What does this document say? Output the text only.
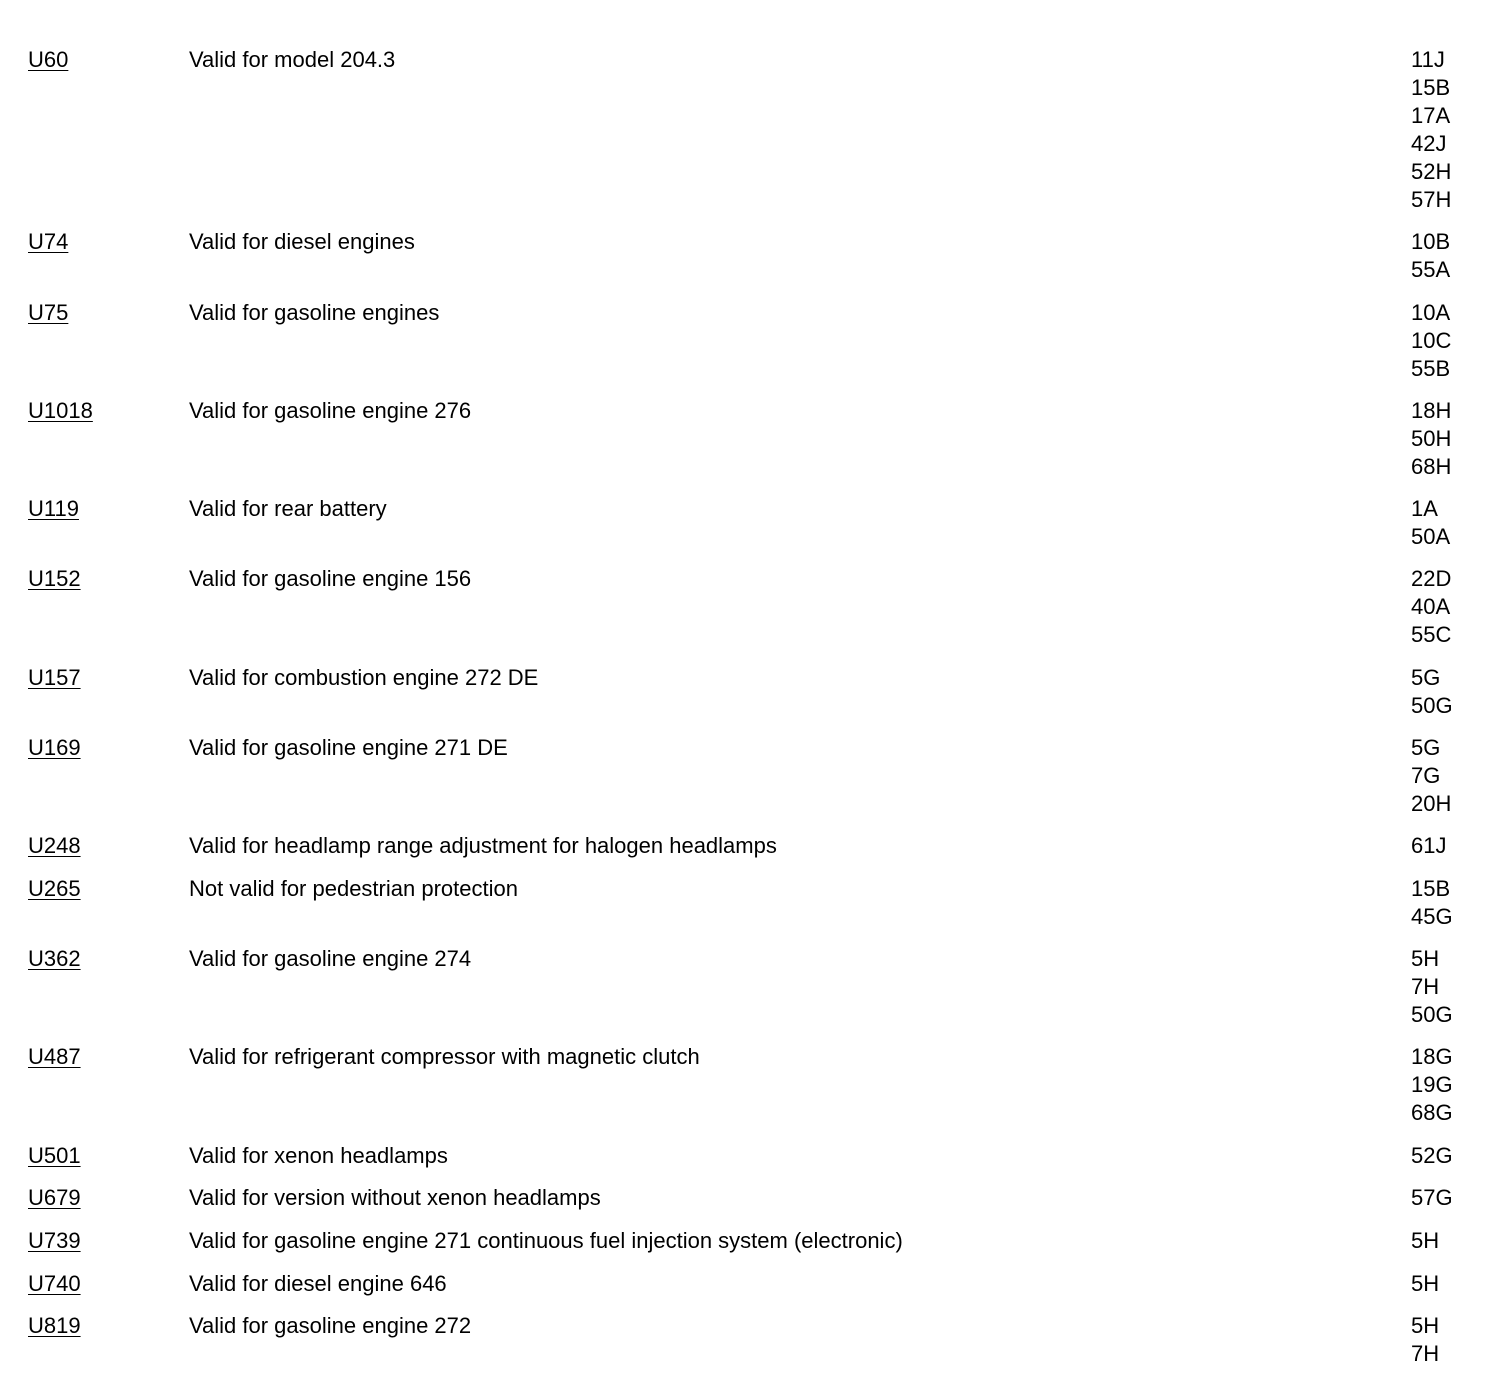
U60	Valid for model 204.3	11J
15B
17A
42J
52H
57H
U74	Valid for diesel engines	10B
55A
U75	Valid for gasoline engines	10A
10C
55B
U1018	Valid for gasoline engine 276	18H
50H
68H
U119	Valid for rear battery	1A
50A
U152	Valid for gasoline engine 156	22D
40A
55C
U157	Valid for combustion engine 272 DE	5G
50G
U169	Valid for gasoline engine 271 DE	5G
7G
20H
U248	Valid for headlamp range adjustment for halogen headlamps	61J
U265	Not valid for pedestrian protection	15B
45G
U362	Valid for gasoline engine 274	5H
7H
50G
U487	Valid for refrigerant compressor with magnetic clutch	18G
19G
68G
U501	Valid for xenon headlamps	52G
U679	Valid for version without xenon headlamps	57G
U739	Valid for gasoline engine 271 continuous fuel injection system (electronic)	5H
U740	Valid for diesel engine 646	5H
U819	Valid for gasoline engine 272	5H
7H
